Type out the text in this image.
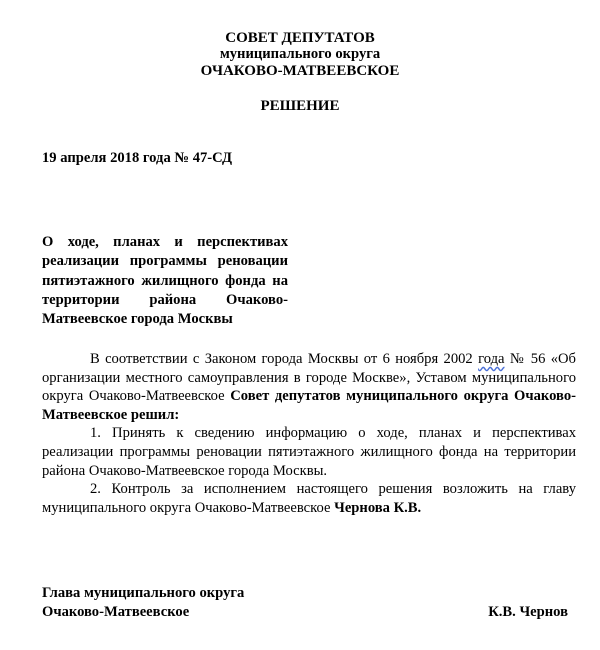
СОВЕТ ДЕПУТАТОВ
муниципального округа
ОЧАКОВО-МАТВЕЕВСКОЕ
РЕШЕНИЕ
19 апреля 2018 года № 47-СД
О ходе, планах и перспективах реализации программы реновации пятиэтажного жилищного фонда на территории района Очаково-Матвеевское города Москвы

В соответствии с Законом города Москвы от 6 ноября 2002 года № 56 «Об организации местного самоуправления в городе Москве», Уставом муниципального округа Очаково-Матвеевское Совет депутатов муниципального округа Очаково-Матвеевское решил:

1. Принять к сведению информацию о ходе, планах и перспективах реализации программы реновации пятиэтажного жилищного фонда на территории района Очаково-Матвеевское города Москвы.

2. Контроль за исполнением настоящего решения возложить на главу муниципального округа Очаково-Матвеевское Чернова К.В.

Глава муниципального округа
Очаково-Матвеевское	К.В. Чернов
